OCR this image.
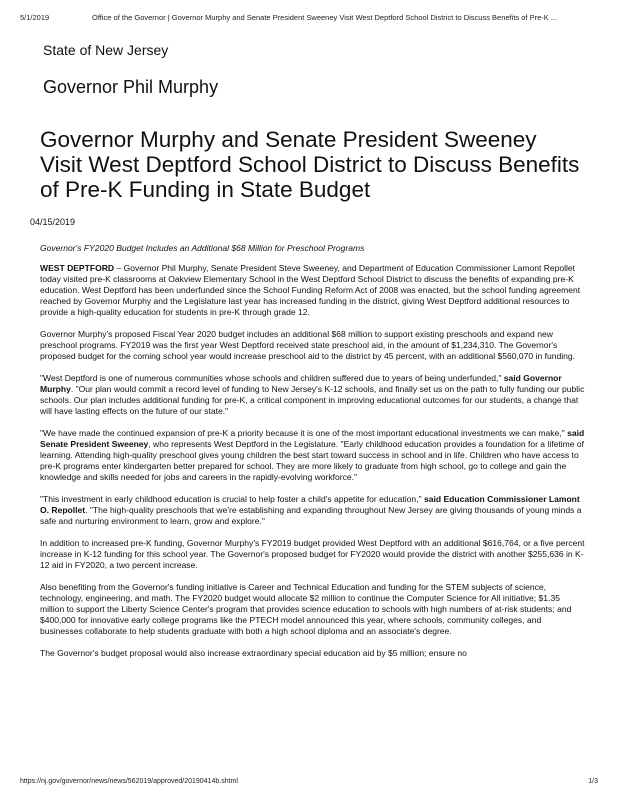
5/1/2019	Office of the Governor | Governor Murphy and Senate President Sweeney Visit West Deptford School District to Discuss Benefits of Pre-K ...
State of New Jersey
Governor Phil Murphy
Governor Murphy and Senate President Sweeney Visit West Deptford School District to Discuss Benefits of Pre-K Funding in State Budget
04/15/2019

Governor's FY2020 Budget Includes an Additional $68 Million for Preschool Programs

WEST DEPTFORD – Governor Phil Murphy, Senate President Steve Sweeney, and Department of Education Commissioner Lamont Repollet today visited pre-K classrooms at Oakview Elementary School in the West Deptford School District to discuss the benefits of expanding pre-K education. West Deptford has been underfunded since the School Funding Reform Act of 2008 was enacted, but the school funding agreement reached by Governor Murphy and the Legislature last year has increased funding in the district, giving West Deptford additional resources to provide a high-quality education for students in pre-K through grade 12.

Governor Murphy's proposed Fiscal Year 2020 budget includes an additional $68 million to support existing preschools and expand new preschool programs. FY2019 was the first year West Deptford received state preschool aid, in the amount of $1,234,310. The Governor's proposed budget for the coming school year would increase preschool aid to the district by 45 percent, with an additional $560,070 in funding.

"West Deptford is one of numerous communities whose schools and children suffered due to years of being underfunded," said Governor Murphy. "Our plan would commit a record level of funding to New Jersey's K-12 schools, and finally set us on the path to fully funding our public schools. Our plan includes additional funding for pre-K, a critical component in improving educational outcomes for our students, a change that will have lasting effects on the future of our state."

"We have made the continued expansion of pre-K a priority because it is one of the most important educational investments we can make," said Senate President Sweeney, who represents West Deptford in the Legislature. "Early childhood education provides a foundation for a lifetime of learning. Attending high-quality preschool gives young children the best start toward success in school and in life. Children who have access to pre-K programs enter kindergarten better prepared for school. They are more likely to graduate from high school, go to college and gain the knowledge and skills needed for jobs and careers in the rapidly-evolving workforce."

"This investment in early childhood education is crucial to help foster a child's appetite for education," said Education Commissioner Lamont O. Repollet. "The high-quality preschools that we're establishing and expanding throughout New Jersey are giving thousands of young minds a safe and nurturing environment to learn, grow and explore."

In addition to increased pre-K funding, Governor Murphy's FY2019 budget provided West Deptford with an additional $616,764, or a five percent increase in K-12 funding for this school year. The Governor's proposed budget for FY2020 would provide the district with another $255,636 in K-12 aid in FY2020, a two percent increase.

Also benefiting from the Governor's funding initiative is Career and Technical Education and funding for the STEM subjects of science, technology, engineering, and math. The FY2020 budget would allocate $2 million to continue the Computer Science for All initiative; $1.35 million to support the Liberty Science Center's program that provides science education to schools with high numbers of at-risk students; and $400,000 for innovative early college programs like the PTECH model announced this year, where schools, community colleges, and businesses collaborate to help students graduate with both a high school diploma and an associate's degree.

The Governor's budget proposal would also increase extraordinary special education aid by $5 million; ensure no

https://nj.gov/governor/news/news/562019/approved/20190414b.shtml	1/3
